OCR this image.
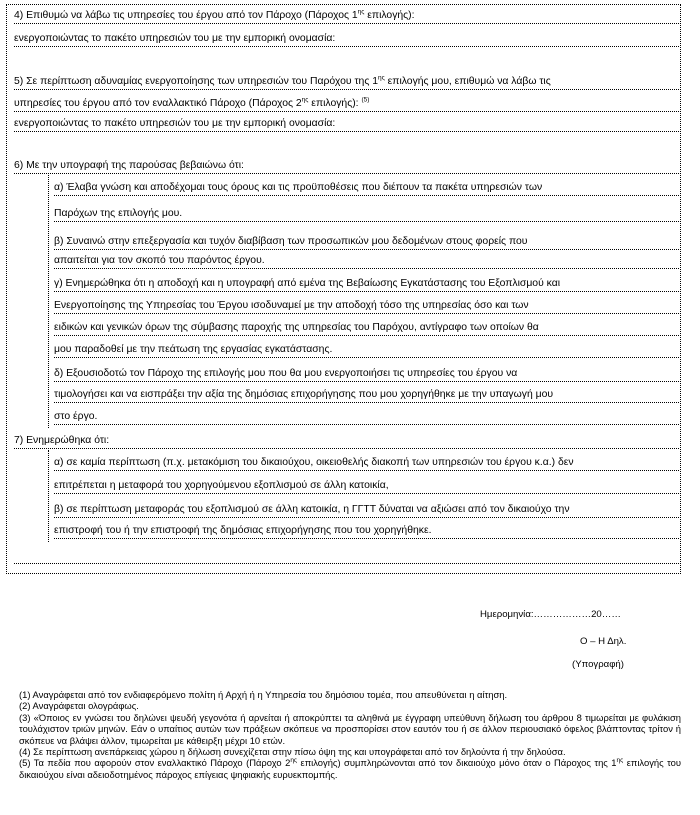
4) Επιθυμώ να λάβω τις υπηρεσίες του έργου από τον Πάροχο (Πάροχος $1^{\eta\varsigma}$ επιλογής):
ενεργοποιώντας το πακέτο υπηρεσιών του με την εμπορική ονομασία:
5) Σε περίπτωση αδυναμίας ενεργοποίησης των υπηρεσιών του Παρόχου της $1^{\eta\varsigma}$ επιλογής μου, επιθυμώ να λάβω τις
υπηρεσίες του έργου από τον εναλλακτικό Πάροχο (Πάροχος $2^{\eta\varsigma}$ επιλογής): $^{(5)}$
ενεργοποιώντας το πακέτο υπηρεσιών του με την εμπορική ονομασία:
6) Με την υπογραφή της παρούσας βεβαιώνω ότι:
α) Έλαβα γνώση και αποδέχομαι τους όρους και τις προϋποθέσεις που διέπουν τα πακέτα υπηρεσιών των
Παρόχων της επιλογής μου.
β) Συναινώ στην επεξεργασία και τυχόν διαβίβαση των προσωπικών μου δεδομένων στους φορείς που
απαιτείται για τον σκοπό του παρόντος έργου.
γ) Ενημερώθηκα ότι η αποδοχή και η υπογραφή από εμένα της Βεβαίωσης Εγκατάστασης του Εξοπλισμού και
Ενεργοποίησης της Υπηρεσίας του Έργου ισοδυναμεί με την αποδοχή τόσο της υπηρεσίας όσο και των
ειδικών και γενικών όρων της σύμβασης παροχής της υπηρεσίας του Παρόχου, αντίγραφο των οποίων θα
μου παραδοθεί με την πεάτωση της εργασίας εγκατάστασης.
δ) Εξουσιοδοτώ τον Πάροχο της επιλογής μου που θα μου ενεργοποιήσει τις υπηρεσίες του έργου να
τιμολογήσει και να εισπράξει την αξία της δημόσιας επιχορήγησης που μου χορηγήθηκε με την υπαγωγή μου
στο έργο.
7) Ενημερώθηκα ότι:
α) σε καμία περίπτωση (π.χ. μετακόμιση του δικαιούχου, οικειοθελής διακοπή των υπηρεσιών του έργου κ.α.) δεν
επιτρέπεται η μεταφορά του χορηγούμενου εξοπλισμού σε άλλη κατοικία,
β) σε περίπτωση μεταφοράς του εξοπλισμού σε άλλη κατοικία, η ΓΓΤΤ δύναται να αξιώσει από τον δικαιούχο την
επιστροφή του ή την επιστροφή της δημόσιας επιχορήγησης που του χορηγήθηκε.
Ημερομηνία:………………20……
Ο – Η Δηλ.
(Υπογραφή)
(1) Αναγράφεται από τον ενδιαφερόμενο πολίτη ή Αρχή ή η Υπηρεσία του δημόσιου τομέα, που απευθύνεται η αίτηση.
(2) Αναγράφεται ολογράφως.
(3) «Όποιος εν γνώσει του δηλώνει ψευδή γεγονότα ή αρνείται ή αποκρύπτει τα αληθινά με έγγραφη υπεύθυνη δήλωση του άρθρου 8 τιμωρείται με φυλάκιση τουλάχιστον τριών μηνών. Εάν ο υπαίτιος αυτών των πράξεων σκόπευε να προσπορίσει στον εαυτόν του ή σε άλλον περιουσιακό όφελος βλάπτοντας τρίτον ή σκόπευε να βλάψει άλλον, τιμωρείται με κάθειρξη μέχρι 10 ετών.
(4) Σε περίπτωση ανεπάρκειας χώρου η δήλωση συνεχίζεται στην πίσω όψη της και υπογράφεται από τον δηλούντα ή την δηλούσα.
(5) Τα πεδία που αφορούν στον εναλλακτικό Πάροχο (Πάροχο $2^{\eta\varsigma}$ επιλογής) συμπληρώνονται από τον δικαιούχο μόνο όταν ο Πάροχος της $1^{\eta\varsigma}$ επιλογής του δικαιούχου είναι αδειοδοτημένος πάροχος επίγειας ψηφιακής ευρυεκπομπής.
